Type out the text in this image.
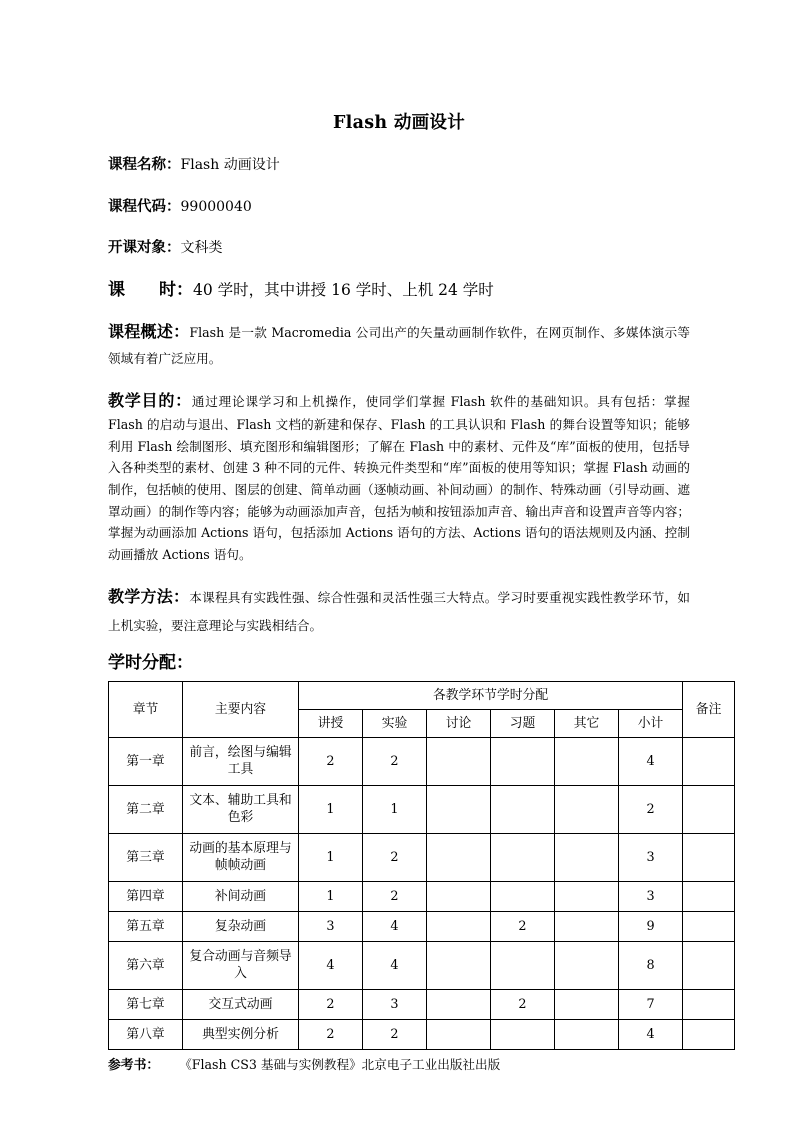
Flash 动画设计
课程名称：Flash 动画设计
课程代码：99000040
开课对象：文科类
课 时：40 学时，其中讲授 16 学时、上机 24 学时

课程概述：Flash 是一款 Macromedia 公司出产的矢量动画制作软件，在网页制作、多媒体演示等领域有着广泛应用。

教学目的：通过理论课学习和上机操作，使同学们掌握 Flash 软件的基础知识。具有包括：掌握 Flash 的启动与退出、Flash 文档的新建和保存、Flash 的工具认识和 Flash 的舞台设置等知识；能够利用 Flash 绘制图形、填充图形和编辑图形；了解在 Flash 中的素材、元件及“库”面板的使用，包括导入各种类型的素材、创建 3 种不同的元件、转换元件类型和“库”面板的使用等知识；掌握 Flash 动画的制作，包括帧的使用、图层的创建、简单动画（逐帧动画、补间动画）的制作、特殊动画（引导动画、遮罩动画）的制作等内容；能够为动画添加声音，包括为帧和按钮添加声音、输出声音和设置声音等内容；掌握为动画添加 Actions 语句，包括添加 Actions 语句的方法、Actions 语句的语法规则及内涵、控制动画播放 Actions 语句。

教学方法：本课程具有实践性强、综合性强和灵活性强三大特点。学习时要重视实践性教学环节，如上机实验，要注意理论与实践相结合。

学时分配：
章节	主要内容	各教学环节学时分配						备注
		讲授	实验	讨论	习题	其它	小计	
第一章	前言，绘图与编辑工具	2	2				4	
第二章	文本、辅助工具和色彩	1	1				2	
第三章	动画的基本原理与帧帧动画	1	2				3	
第四章	补间动画	1	2				3	
第五章	复杂动画	3	4		2		9	
第六章	复合动画与音频导入	4	4				8	
第七章	交互式动画	2	3		2		7	
第八章	典型实例分析	2	2				4	
参考书： 《Flash CS3 基础与实例教程》北京电子工业出版社出版
